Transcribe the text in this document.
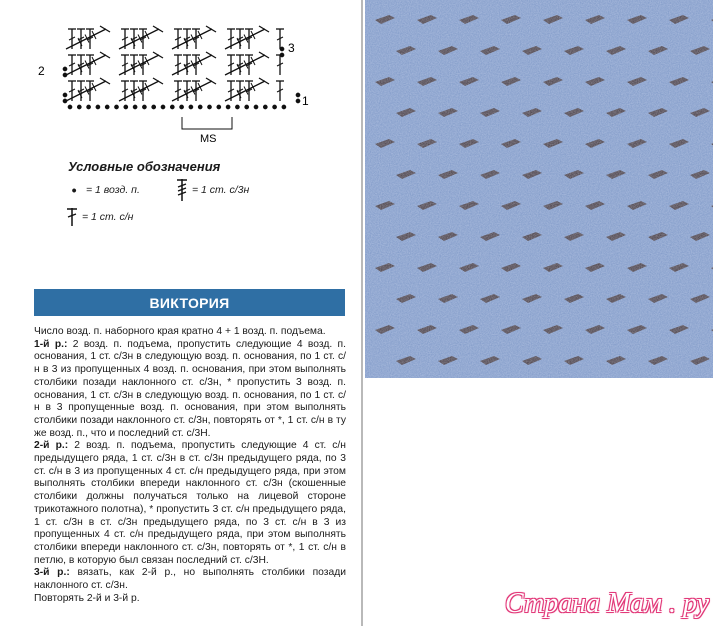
3
2
1
MS
Условные обозначения
• = 1 возд. п.	= 1 ст. с/3н
= 1 ст. с/н
ВИКТОРИЯ

Число возд. п. наборного края кратно 4 + 1 возд. п. подъема.

1-й р.: 2 возд. п. подъема, пропустить следующие 4 возд. п. основания, 1 ст. с/3н в следующую возд. п. основания, по 1 ст. с/н в 3 из пропущенных 4 возд. п. основания, при этом выполнять столбики позади наклонного ст. с/3н, * пропустить 3 возд. п. основания, 1 ст. с/3н в следующую возд. п. основания, по 1 ст. с/н в 3 пропущенные возд. п. основания, при этом выполнять столбики позади наклонного ст. с/3н, повторять от *, 1 ст. с/н в ту же возд. п., что и последний ст. с/3Н.

2-й р.: 2 возд. п. подъема, пропустить следующие 4 ст. с/н предыдущего ряда, 1 ст. с/3н в ст. с/3н предыдущего ряда, по 3 ст. с/н в 3 из пропущенных 4 ст. с/н предыдущего ряда, при этом выполнять столбики впереди наклонного ст. с/3н (скошенные столбики должны получаться только на лицевой стороне трикотажного полотна), * пропустить 3 ст. с/н предыдущего ряда, 1 ст. с/3н в ст. с/3н предыдущего ряда, по 3 ст. с/н в 3 из пропущенных 4 ст. с/н предыдущего ряда, при этом выполнять столбики впереди наклонного ст. с/3н, повторять от *, 1 ст. с/н в петлю, в которую был связан последний ст. с/3Н.

3-й р.: вязать, как 2-й р., но выполнять столбики позади наклонного ст. с/3н.

Повторять 2-й и 3-й р.	Страна Мам . ру
